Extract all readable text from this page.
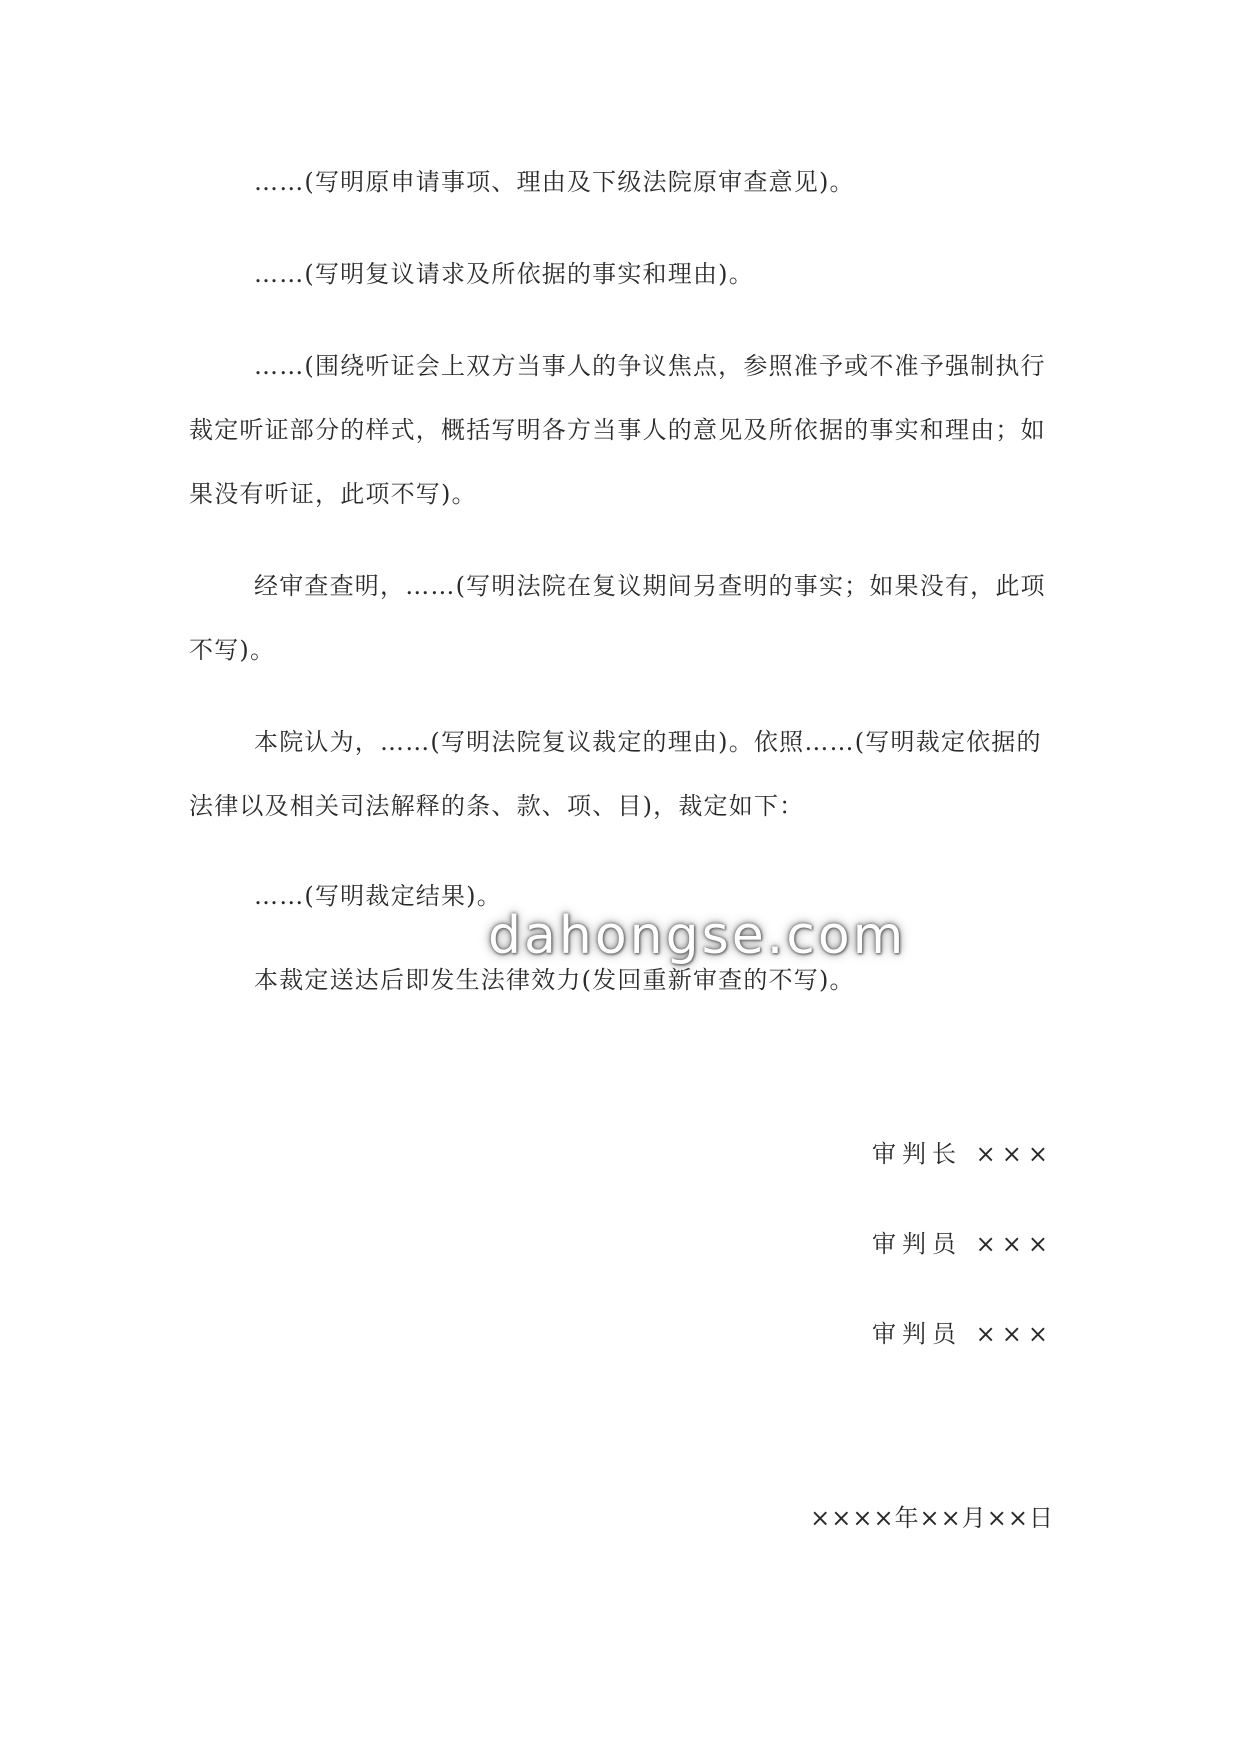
……(写明原申请事项、理由及下级法院原审查意见)。
……(写明复议请求及所依据的事实和理由)。
……(围绕听证会上双方当事人的争议焦点，参照准予或不准予强制执行
裁定听证部分的样式，概括写明各方当事人的意见及所依据的事实和理由；如
果没有听证，此项不写)。
经审查查明，……(写明法院在复议期间另查明的事实；如果没有，此项
不写)。
本院认为，……(写明法院复议裁定的理由)。依照……(写明裁定依据的
法律以及相关司法解释的条、款、项、目)，裁定如下：
……(写明裁定结果)。
本裁定送达后即发生法律效力(发回重新审查的不写)。
dahongse.com
审判长 ×××
审判员 ×××
审判员 ×××
××××年××月××日
